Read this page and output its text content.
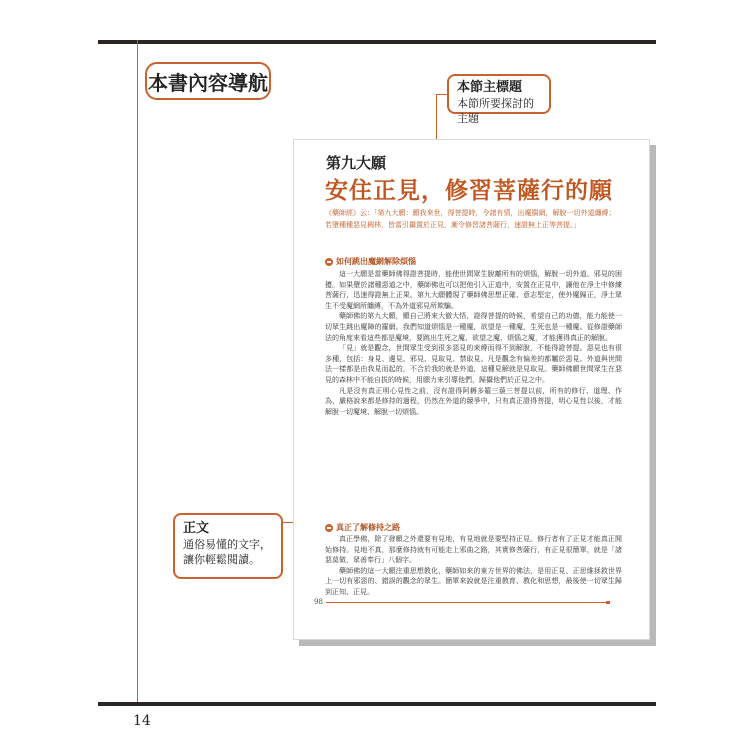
本書內容導航	本節主標題
本節所要探討的主題
正文
通俗易懂的文字，讓你輕鬆閱讀。
第九大願
安住正見，修習菩薩行的願
《藥師經》云：「第九大願：願我來世，得菩提時，令諸有情，出魔羂網，解脫一切外道纏縛；若墮種種惡見稠林，皆當引攝置於正見，漸令修習諸菩薩行，速證無上正等菩提。」
如何跳出魔網解除煩惱

這一大願是當藥師佛得證菩提時，能使世間眾生脫離所有的煩惱，解脫一切外道、邪見的困擾。如果墮於諸種惡道之中，藥師佛也可以把他引入正道中，安置在正見中，讓他在淨土中修練菩薩行，迅速得證無上正果。第九大願體現了藥師佛思想正確、意志堅定，使外魔歸正，淨土眾生不受魔網所纏縛，不為外道邪見所欺騙。

藥師佛的第九大願，願自己將來大徹大悟，證得菩提的時候，希望自己的功德，能力能使一切眾生跳出魔障的羅網。我們知道煩惱是一種魔，欲望是一種魔，生死也是一種魔。從修證藥師法的角度來看這些都是魔境，要跳出生死之魔、欲望之魔、煩惱之魔，才能獲得真正的解脫。

「見」就是觀念，世間眾生受到很多惡見的束縛而得不到解脫，不能得證菩提。惡見也有很多種，包括：身見、邊見、邪見、見取見、禁取見。凡是觀念有偏差的都屬於惡見。外道與世間法一樣都是由我見而起的，不合於我的就是外道，這種見解就是見取見。藥師佛願世間眾生在惡見的森林中不能自拔的時候，用願力來引導他們，歸攝他們於正見之中。

凡是沒有真正明心見性之前，沒有證得阿耨多羅三藐三菩提以前，所有的修行、道理、作為，嚴格說來都是修持的過程，仍然在外道的競爭中，只有真正證得菩提，明心見性以後，才能解脫一切魔境、解脫一切煩惱。

真正了解修持之路

真正學佛，除了發願之外還要有見地，有見地就是要堅持正見。修行者有了正見才能真正開始修持。見地不真，那麼修持就有可能走上邪曲之路，其實修菩薩行，有正見很簡單，就是「諸惡莫做，眾善奉行」八個字。

藥師佛的這一大願注重思想教化，藥師如來的東方世界的佛法，是用正見、正思維拯救世界上一切有邪惡的、錯誤的觀念的眾生。簡單來說就是注重教育、教化和思想，最後使一切眾生歸到正知、正見。

98
14
